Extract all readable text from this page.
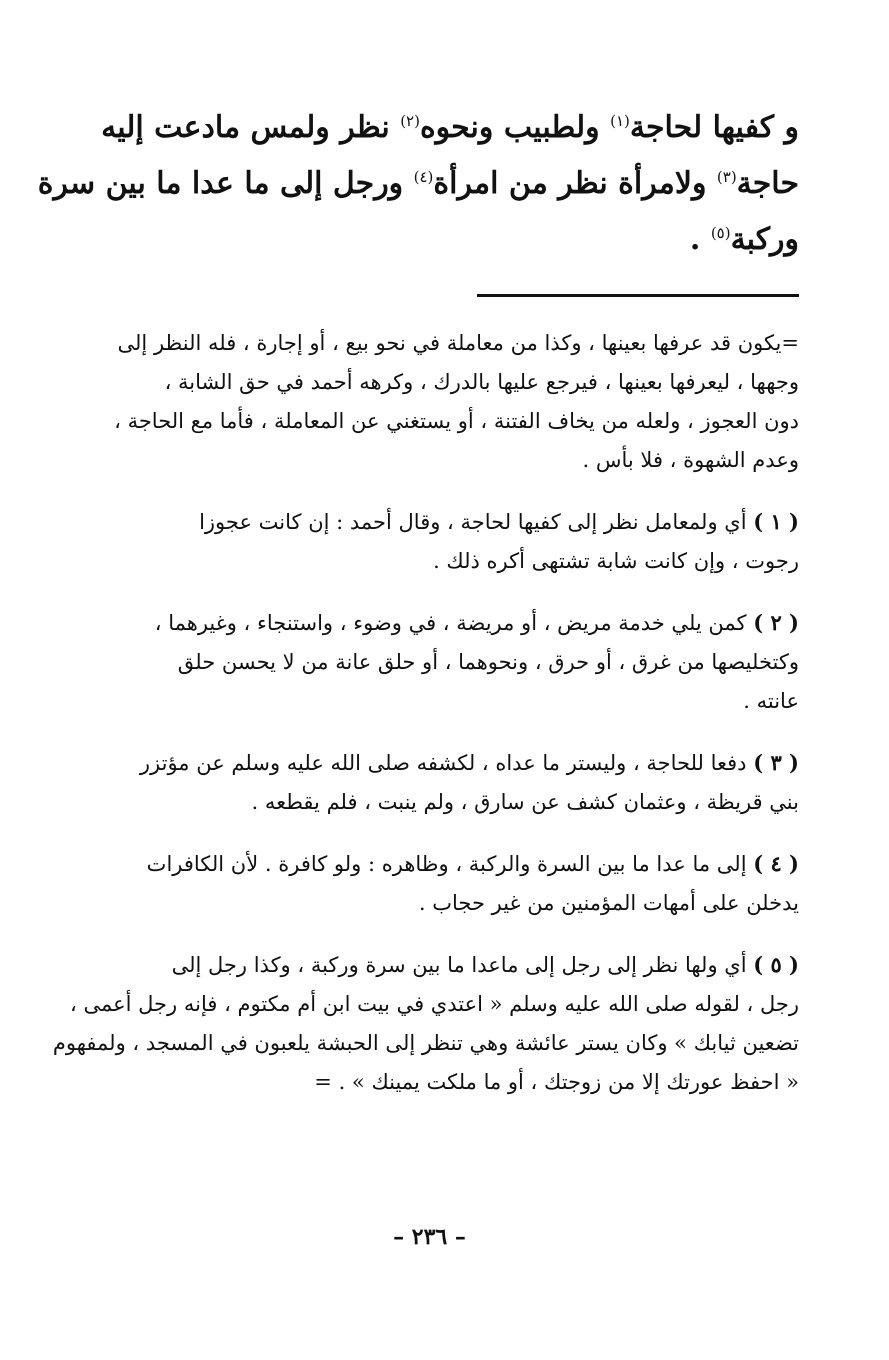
و كفيها لحاجة$^{(١)}$ ولطبيب ونحوه$^{(٢)}$ نظر ولمس مادعت إليه
حاجة$^{(٣)}$ ولامرأة نظر من امرأة$^{(٤)}$ ورجل إلى ما عدا ما بين سرة
وركبة$^{(٥)}$ .
=يكون قد عرفها بعينها ، وكذا من معاملة في نحو بيع ، أو إجارة ، فله النظر إلى
وجهها ، ليعرفها بعينها ، فيرجع عليها بالدرك ، وكرهه أحمد في حق الشابة ،
دون العجوز ، ولعله من يخاف الفتنة ، أو يستغني عن المعاملة ، فأما مع الحاجة ،
وعدم الشهوة ، فلا بأس .
( ١ ) أي ولمعامل نظر إلى كفيها لحاجة ، وقال أحمد : إن كانت عجوزا
رجوت ، وإن كانت شابة تشتهى أكره ذلك .
( ٢ ) كمن يلي خدمة مريض ، أو مريضة ، في وضوء ، واستنجاء ، وغيرهما ،
وكتخليصها من غرق ، أو حرق ، ونحوهما ، أو حلق عانة من لا يحسن حلق
عانته .
( ٣ ) دفعا للحاجة ، وليستر ما عداه ، لكشفه صلى الله عليه وسلم عن مؤتزر
بني قريظة ، وعثمان كشف عن سارق ، ولم ينبت ، فلم يقطعه .
( ٤ ) إلى ما عدا ما بين السرة والركبة ، وظاهره : ولو كافرة . لأن الكافرات
يدخلن على أمهات المؤمنين من غير حجاب .
( ٥ ) أي ولها نظر إلى رجل إلى ماعدا ما بين سرة وركبة ، وكذا رجل إلى
رجل ، لقوله صلى الله عليه وسلم « اعتدي في بيت ابن أم مكتوم ، فإنه رجل أعمى ،
تضعين ثيابك » وكان يستر عائشة وهي تنظر إلى الحبشة يلعبون في المسجد ، ولمفهوم
« احفظ عورتك إلا من زوجتك ، أو ما ملكت يمينك » . =
– ٢٣٦ –
